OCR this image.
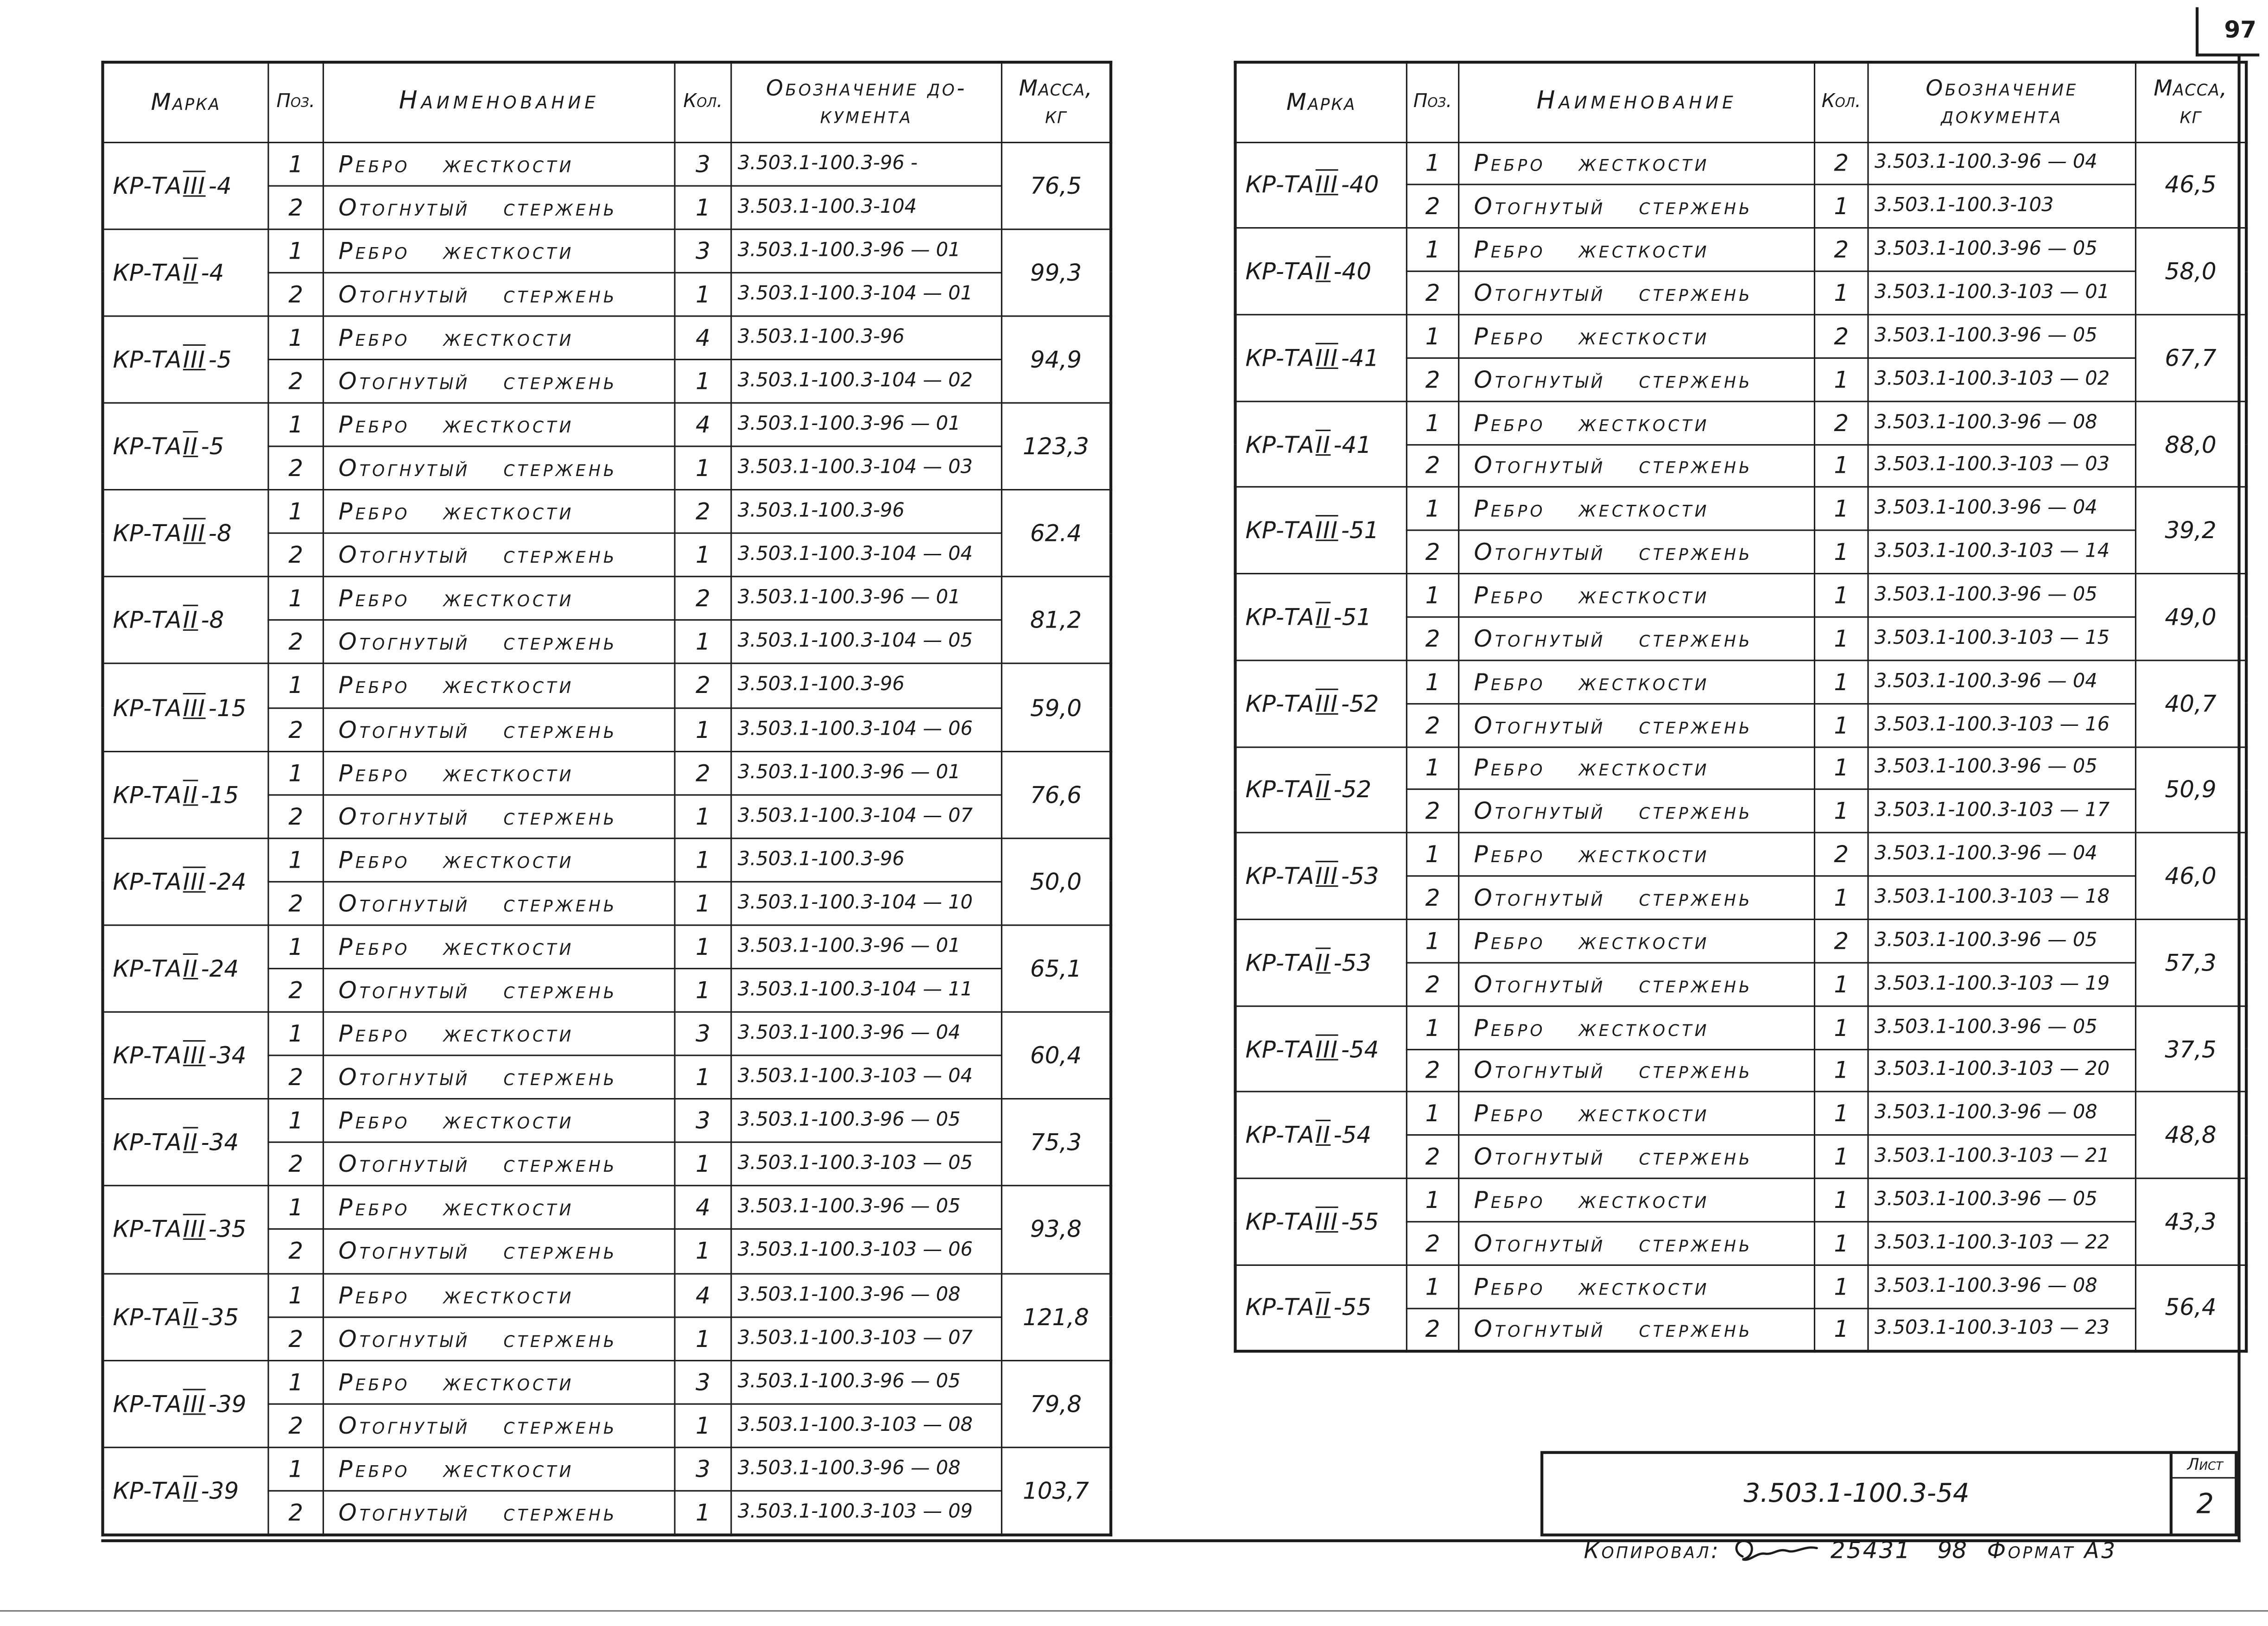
97
Марка	Поз.	Наименование	Кол.	Обозначение до-
кумента	Масса,
кг

КР-ТА III -4	1	Ребро жесткости	3	3.503.1-100.3-96 -	76,5
	2	Отогнутый стержень	1	3.503.1-100.3-104	
КР-ТА II -4	1	Ребро жесткости	3	3.503.1-100.3-96 — 01	99,3
	2	Отогнутый стержень	1	3.503.1-100.3-104 — 01	
КР-ТА III -5	1	Ребро жесткости	4	3.503.1-100.3-96	94,9
	2	Отогнутый стержень	1	3.503.1-100.3-104 — 02	
КР-ТА II -5	1	Ребро жесткости	4	3.503.1-100.3-96 — 01	123,3
	2	Отогнутый стержень	1	3.503.1-100.3-104 — 03	
КР-ТА III -8	1	Ребро жесткости	2	3.503.1-100.3-96	62.4
	2	Отогнутый стержень	1	3.503.1-100.3-104 — 04	
КР-ТА II -8	1	Ребро жесткости	2	3.503.1-100.3-96 — 01	81,2
	2	Отогнутый стержень	1	3.503.1-100.3-104 — 05	
КР-ТА III -15	1	Ребро жесткости	2	3.503.1-100.3-96	59,0
	2	Отогнутый стержень	1	3.503.1-100.3-104 — 06	
КР-ТА II -15	1	Ребро жесткости	2	3.503.1-100.3-96 — 01	76,6
	2	Отогнутый стержень	1	3.503.1-100.3-104 — 07	
КР-ТА III -24	1	Ребро жесткости	1	3.503.1-100.3-96	50,0
	2	Отогнутый стержень	1	3.503.1-100.3-104 — 10	
КР-ТА II -24	1	Ребро жесткости	1	3.503.1-100.3-96 — 01	65,1
	2	Отогнутый стержень	1	3.503.1-100.3-104 — 11	
КР-ТА III -34	1	Ребро жесткости	3	3.503.1-100.3-96 — 04	60,4
	2	Отогнутый стержень	1	3.503.1-100.3-103 — 04	
КР-ТА II -34	1	Ребро жесткости	3	3.503.1-100.3-96 — 05	75,3
	2	Отогнутый стержень	1	3.503.1-100.3-103 — 05	
КР-ТА III -35	1	Ребро жесткости	4	3.503.1-100.3-96 — 05	93,8
	2	Отогнутый стержень	1	3.503.1-100.3-103 — 06	
КР-ТА II -35	1	Ребро жесткости	4	3.503.1-100.3-96 — 08	121,8
	2	Отогнутый стержень	1	3.503.1-100.3-103 — 07	
КР-ТА III -39	1	Ребро жесткости	3	3.503.1-100.3-96 — 05	79,8
	2	Отогнутый стержень	1	3.503.1-100.3-103 — 08	
КР-ТА II -39	1	Ребро жесткости	3	3.503.1-100.3-96 — 08	103,7
	2	Отогнутый стержень	1	3.503.1-100.3-103 — 09	
Марка	Поз.	Наименование	Кол.	Обозначение
документа	Масса,
кг

КР-ТА III -40	1	Ребро жесткости	2	3.503.1-100.3-96 — 04	46,5
	2	Отогнутый стержень	1	3.503.1-100.3-103	
КР-ТА II -40	1	Ребро жесткости	2	3.503.1-100.3-96 — 05	58,0
	2	Отогнутый стержень	1	3.503.1-100.3-103 — 01	
КР-ТА III -41	1	Ребро жесткости	2	3.503.1-100.3-96 — 05	67,7
	2	Отогнутый стержень	1	3.503.1-100.3-103 — 02	
КР-ТА II -41	1	Ребро жесткости	2	3.503.1-100.3-96 — 08	88,0
	2	Отогнутый стержень	1	3.503.1-100.3-103 — 03	
КР-ТА III -51	1	Ребро жесткости	1	3.503.1-100.3-96 — 04	39,2
	2	Отогнутый стержень	1	3.503.1-100.3-103 — 14	
КР-ТА II -51	1	Ребро жесткости	1	3.503.1-100.3-96 — 05	49,0
	2	Отогнутый стержень	1	3.503.1-100.3-103 — 15	
КР-ТА III -52	1	Ребро жесткости	1	3.503.1-100.3-96 — 04	40,7
	2	Отогнутый стержень	1	3.503.1-100.3-103 — 16	
КР-ТА II -52	1	Ребро жесткости	1	3.503.1-100.3-96 — 05	50,9
	2	Отогнутый стержень	1	3.503.1-100.3-103 — 17	
КР-ТА III -53	1	Ребро жесткости	2	3.503.1-100.3-96 — 04	46,0
	2	Отогнутый стержень	1	3.503.1-100.3-103 — 18	
КР-ТА II -53	1	Ребро жесткости	2	3.503.1-100.3-96 — 05	57,3
	2	Отогнутый стержень	1	3.503.1-100.3-103 — 19	
КР-ТА III -54	1	Ребро жесткости	1	3.503.1-100.3-96 — 05	37,5
	2	Отогнутый стержень	1	3.503.1-100.3-103 — 20	
КР-ТА II -54	1	Ребро жесткости	1	3.503.1-100.3-96 — 08	48,8
	2	Отогнутый стержень	1	3.503.1-100.3-103 — 21	
КР-ТА III -55	1	Ребро жесткости	1	3.503.1-100.3-96 — 05	43,3
	2	Отогнутый стержень	1	3.503.1-100.3-103 — 22	
КР-ТА II -55	1	Ребро жесткости	1	3.503.1-100.3-96 — 08	56,4
	2	Отогнутый стержень	1	3.503.1-100.3-103 — 23	
3.503.1-100.3-54
Лист
2
Копировал:	25431	98	Формат А3
